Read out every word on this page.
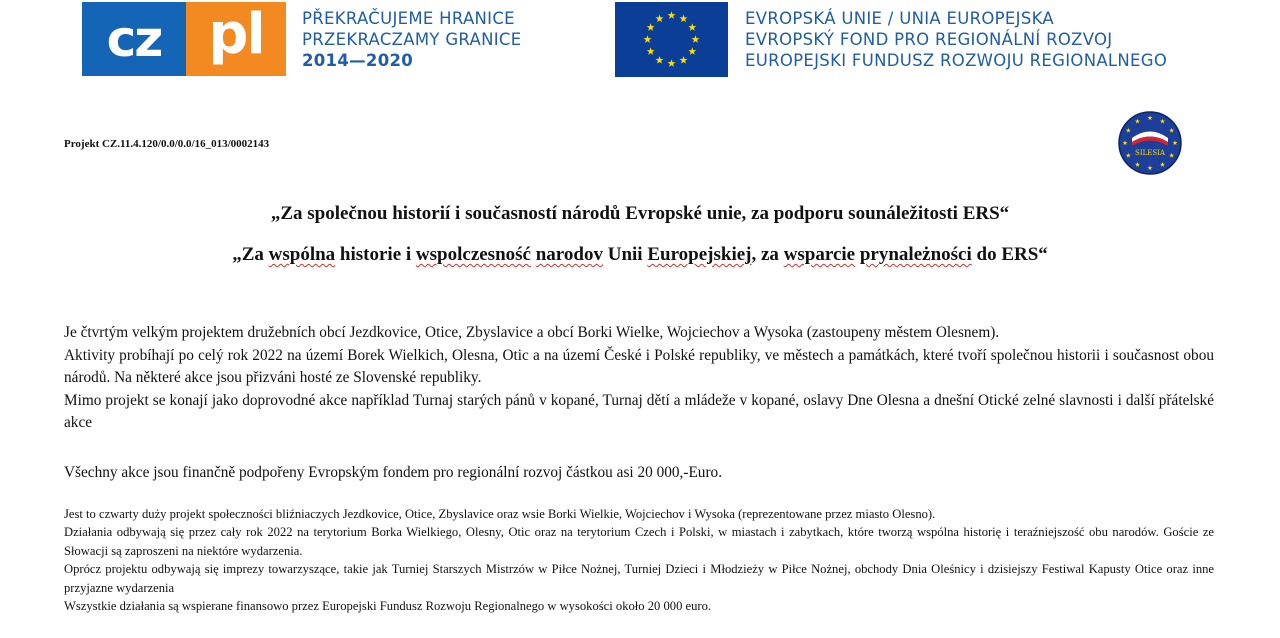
cz pl	PŘEKRAČUJEME HRANICE
PRZEKRACZAMY GRANICE
2014—2020
EVROPSKÁ UNIE / UNIA EUROPEJSKA
EVROPSKÝ FOND PRO REGIONÁLNÍ ROZVOJ
EUROPEJSKI FUNDUSZ ROZWOJU REGIONALNEGO
Projekt CZ.11.4.120/0.0/0.0/16_013/0002143
SILESIA
„Za společnou historií i současností národů Evropské unie, za podporu sounáležitosti ERS“
„Za wspólna historie i wspolczesność narodov Unii Europejskiej, za wsparcie prynależności do ERS“

Je čtvrtým velkým projektem družebních obcí Jezdkovice, Otice, Zbyslavice a obcí Borki Wielke, Wojciechov a Wysoka (zastoupeny městem Olesnem).

Aktivity probíhají po celý rok 2022 na území Borek Wielkich, Olesna, Otic a na území České i Polské republiky, ve městech a památkách, které tvoří společnou historii i současnost obou národů. Na některé akce jsou přizváni hosté ze Slovenské republiky.

Mimo projekt se konají jako doprovodné akce například Turnaj starých pánů v kopané, Turnaj dětí a mládeže v kopané, oslavy Dne Olesna a dnešní Otické zelné slavnosti i další přátelské akce

Všechny akce jsou finančně podpořeny Evropským fondem pro regionální rozvoj částkou asi 20 000,-Euro.

Jest to czwarty duży projekt społeczności bliźniaczych Jezdkovice, Otice, Zbyslavice oraz wsie Borki Wielkie, Wojciechov i Wysoka (reprezentowane przez miasto Olesno).

Działania odbywają się przez cały rok 2022 na terytorium Borka Wielkiego, Olesny, Otic oraz na terytorium Czech i Polski, w miastach i zabytkach, które tworzą wspólna historię i teraźniejszość obu narodów. Goście ze Słowacji są zaproszeni na niektóre wydarzenia.

Oprócz projektu odbywają się imprezy towarzyszące, takie jak Turniej Starszych Mistrzów w Piłce Nożnej, Turniej Dzieci i Młodzieży w Piłce Nożnej, obchody Dnia Oleśnicy i dzisiejszy Festiwal Kapusty Otice oraz inne przyjazne wydarzenia

Wszystkie działania są wspierane finansowo przez Europejski Fundusz Rozwoju Regionalnego w wysokości około 20 000 euro.
